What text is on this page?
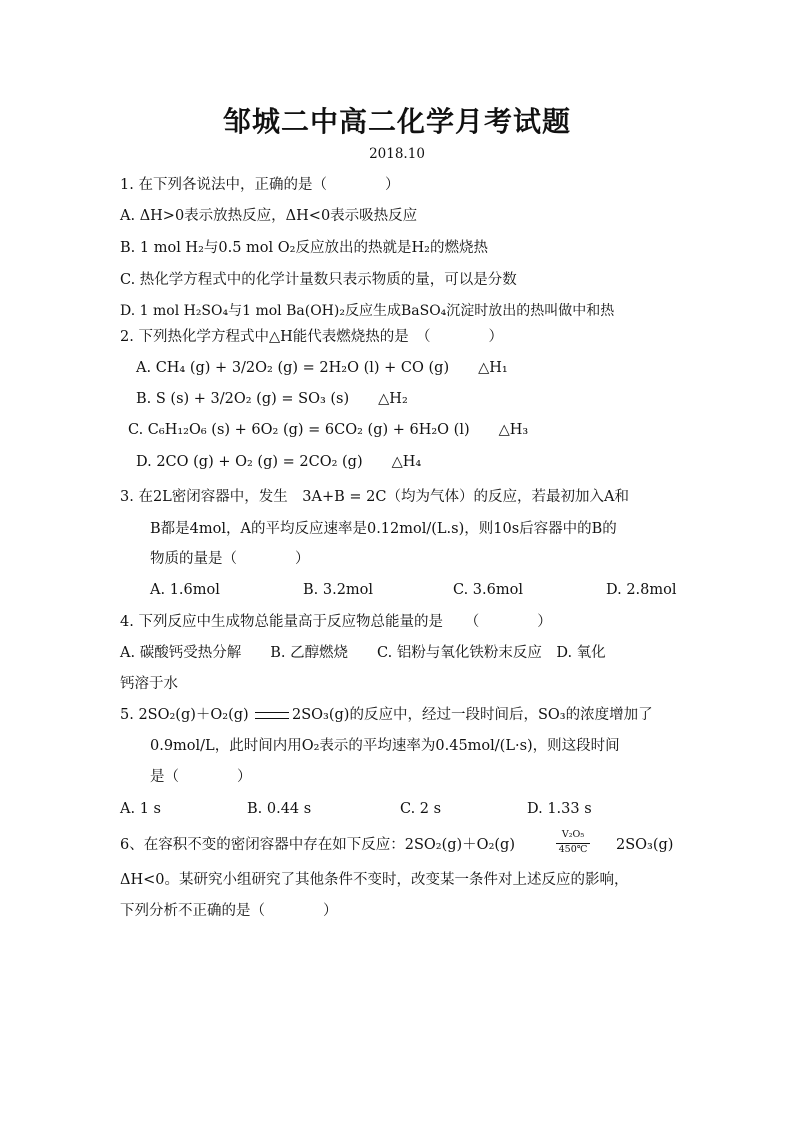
邹城二中高二化学月考试题
2018.10
1. 在下列各说法中，正确的是（　　　　）
A. ΔH>0表示放热反应，ΔH<0表示吸热反应
B. 1 mol H₂与0.5 mol O₂反应放出的热就是H₂的燃烧热
C. 热化学方程式中的化学计量数只表示物质的量，可以是分数
D. 1 mol H₂SO₄与1 mol Ba(OH)₂反应生成BaSO₄沉淀时放出的热叫做中和热
2. 下列热化学方程式中△H能代表燃烧热的是　（　　　　）
A. CH₄ (g) + 3/2O₂ (g) = 2H₂O (l) + CO (g)　　△H₁
B. S (s) + 3/2O₂ (g) = SO₃ (s)　　△H₂
C. C₆H₁₂O₆ (s) + 6O₂ (g) = 6CO₂ (g) + 6H₂O (l)　　△H₃
D. 2CO (g) + O₂ (g) = 2CO₂ (g)　　△H₄
3. 在2L密闭容器中，发生　3A+B = 2C（均为气体）的反应，若最初加入A和
B都是4mol，A的平均反应速率是0.12mol/(L.s)，则10s后容器中的B的
物质的量是（　　　　）
A. 1.6mol	B. 3.2mol	C. 3.6mol	D. 2.8mol
4. 下列反应中生成物总能量高于反应物总能量的是　　（　　　　）
A. 碳酸钙受热分解　　B. 乙醇燃烧　　C. 铝粉与氧化铁粉末反应　D. 氧化
钙溶于水
5. 2SO₂(g)＋O₂(g)	2SO₃(g)的反应中，经过一段时间后，SO₃的浓度增加了
0.9mol/L，此时间内用O₂表示的平均速率为0.45mol/(L·s)，则这段时间
是（　　　　）
A. 1 s	B. 0.44 s	C. 2 s	D. 1.33 s
6、在容积不变的密闭容器中存在如下反应：2SO₂(g)＋O₂(g)
V₂O₅
450℃ 2SO₃(g)
ΔH<0。某研究小组研究了其他条件不变时，改变某一条件对上述反应的影响，
下列分析不正确的是（　　　　）
